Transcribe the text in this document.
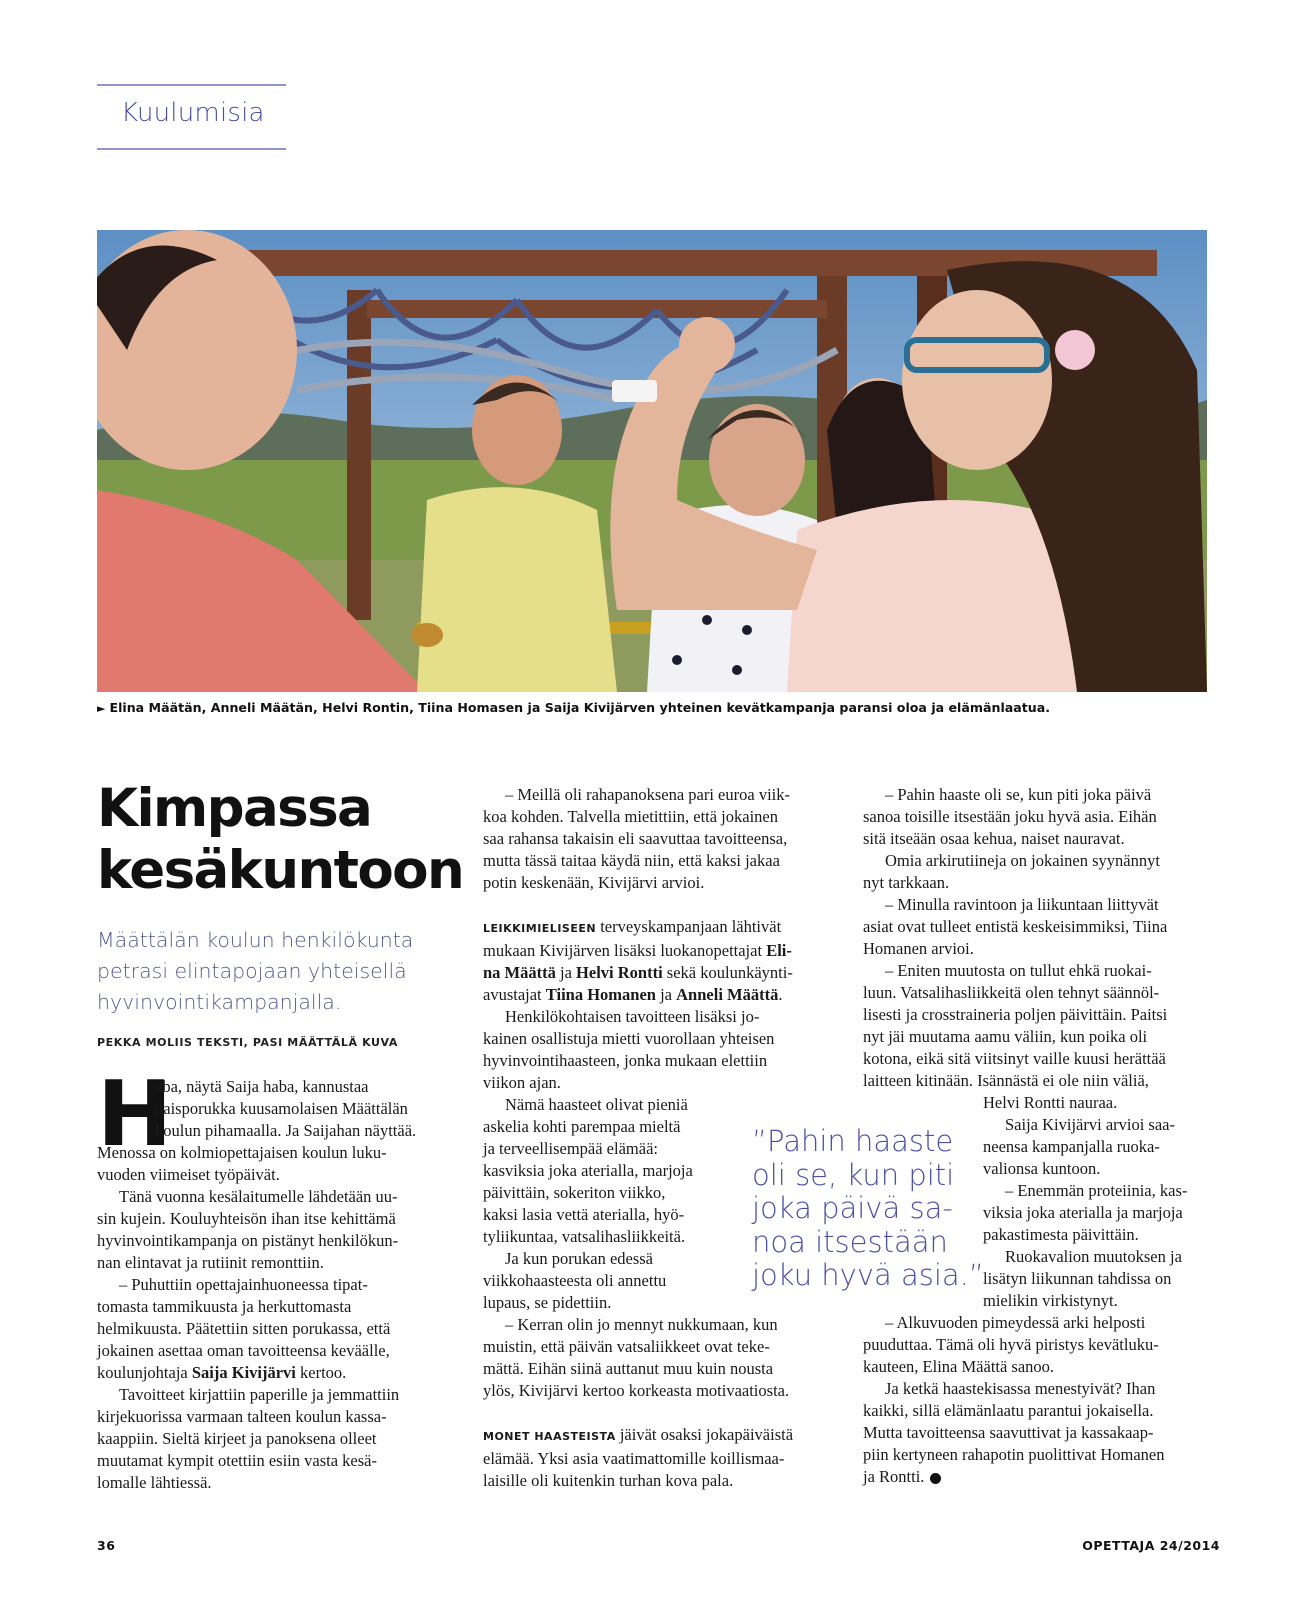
Kuulumisia
► Elina Määtän, Anneli Määtän, Helvi Rontin, Tiina Homasen ja Saija Kivijärven yhteinen kevätkampanja paransi oloa ja elämänlaatua.
Kimpassa
kesäkuntoon
Määttälän koulun henkilökunta
petrasi elintapojaan yhteisellä
hyvinvointikampanjalla.
PEKKA MOLIIS TEKSTI, PASI MÄÄTTÄLÄ KUVA
H

aba, näytä Saija haba, kannustaa
naisporukka kuusamolaisen Määttälän
koulun pihamaalla. Ja Saijahan näyttää.
Menossa on kolmiopettajaisen koulun luku-
vuoden viimeiset työpäivät.

Tänä vuonna kesälaitumelle lähdetään uu-
sin kujein. Kouluyhteisön ihan itse kehittämä
hyvinvointikampanja on pistänyt henkilökun-
nan elintavat ja rutiinit remonttiin.

– Puhuttiin opettajainhuoneessa tipat-
tomasta tammikuusta ja herkuttomasta
helmikuusta. Päätettiin sitten porukassa, että
jokainen asettaa oman tavoitteensa keväälle,
koulunjohtaja Saija Kivijärvi kertoo.

Tavoitteet kirjattiin paperille ja jemmattiin
kirjekuorissa varmaan talteen koulun kassa-
kaappiin. Sieltä kirjeet ja panoksena olleet
muutamat kympit otettiin esiin vasta kesä-
lomalle lähtiessä.

– Meillä oli rahapanoksena pari euroa viik-
koa kohden. Talvella mietittiin, että jokainen
saa rahansa takaisin eli saavuttaa tavoitteensa,
mutta tässä taitaa käydä niin, että kaksi jakaa
potin keskenään, Kivijärvi arvioi.

LEIKKIMIELISEEN terveyskampanjaan lähtivät
mukaan Kivijärven lisäksi luokanopettajat Eli-
na Määttä ja Helvi Rontti sekä koulunkäynti-
avustajat Tiina Homanen ja Anneli Määttä.

Henkilökohtaisen tavoitteen lisäksi jo-
kainen osallistuja mietti vuorollaan yhteisen
hyvinvointihaasteen, jonka mukaan elettiin
viikon ajan.

Nämä haasteet olivat pieniä
askelia kohti parempaa mieltä
ja terveellisempää elämää:
kasviksia joka aterialla, marjoja
päivittäin, sokeriton viikko,
kaksi lasia vettä aterialla, hyö-
tyliikuntaa, vatsalihasliikkeitä.

Ja kun porukan edessä
viikkohaasteesta oli annettu
lupaus, se pidettiin.

– Kerran olin jo mennyt nukkumaan, kun
muistin, että päivän vatsaliikkeet ovat teke-
mättä. Eihän siinä auttanut muu kuin nousta
ylös, Kivijärvi kertoo korkeasta motivaatiosta.

MONET HAASTEISTA jäivät osaksi jokapäiväistä
elämää. Yksi asia vaatimattomille koillismaa-
laisille oli kuitenkin turhan kova pala.

”Pahin haaste
oli se, kun piti
joka päivä sa-
noa itsestään
joku hyvä asia.”

– Pahin haaste oli se, kun piti joka päivä
sanoa toisille itsestään joku hyvä asia. Eihän
sitä itseään osaa kehua, naiset nauravat.

Omia arkirutiineja on jokainen syynännyt
nyt tarkkaan.

– Minulla ravintoon ja liikuntaan liittyvät
asiat ovat tulleet entistä keskeisimmiksi, Tiina
Homanen arvioi.

– Eniten muutosta on tullut ehkä ruokai-
luun. Vatsalihasliikkeitä olen tehnyt säännöl-
lisesti ja crosstraineria poljen päivittäin. Paitsi
nyt jäi muutama aamu väliin, kun poika oli
kotona, eikä sitä viitsinyt vaille kuusi herättää
laitteen kitinään. Isännästä ei ole niin väliä,
Helvi Rontti nauraa.

Saija Kivijärvi arvioi saa-
neensa kampanjalla ruoka-
valionsa kuntoon.

– Enemmän proteiinia, kas-
viksia joka aterialla ja marjoja
pakastimesta päivittäin.

Ruokavalion muutoksen ja
lisätyn liikunnan tahdissa on
mielikin virkistynyt.

– Alkuvuoden pimeydessä arki helposti
puuduttaa. Tämä oli hyvä piristys kevätluku-
kauteen, Elina Määttä sanoo.

Ja ketkä haastekisassa menestyivät? Ihan
kaikki, sillä elämänlaatu parantui jokaisella.
Mutta tavoitteensa saavuttivat ja kassakaap-
piin kertyneen rahapotin puolittivat Homanen
ja Rontti.

36	OPETTAJA 24/2014
